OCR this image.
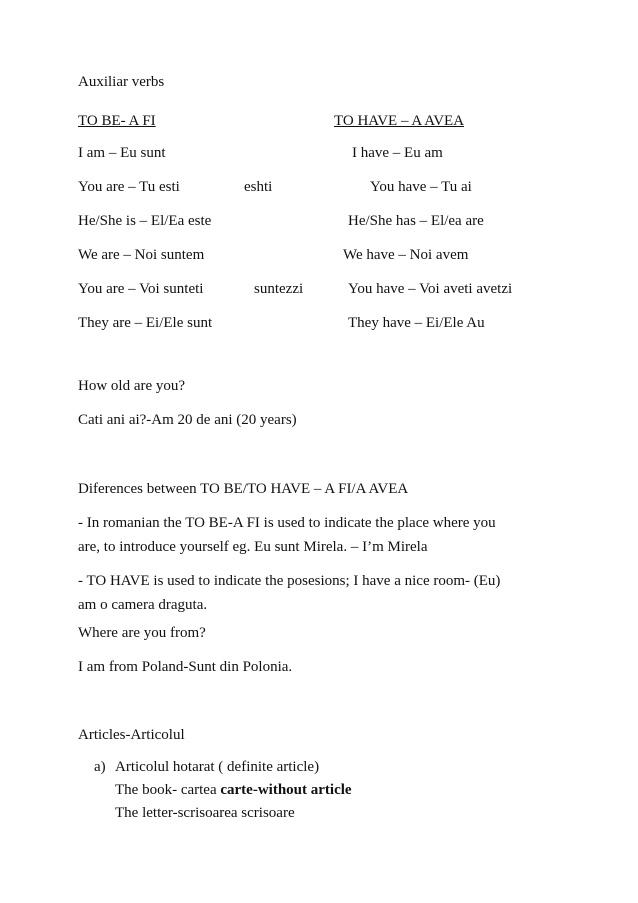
Auxiliar verbs
TO BE- A FI	TO HAVE – A AVEA
I am – Eu sunt	I have – Eu am
You are – Tu esti	eshti	You have – Tu ai
He/She is – El/Ea este	He/She has – El/ea are
We are – Noi suntem	We have – Noi avem
You are – Voi sunteti	suntezzi	You have – Voi aveti avetzi
They are – Ei/Ele sunt	They have – Ei/Ele Au
How old are you?
Cati ani ai?-Am 20 de ani (20 years)
Diferences between TO BE/TO HAVE – A FI/A AVEA
- In romanian the TO BE-A FI is used to indicate the place where you
are, to introduce yourself eg. Eu sunt Mirela. – I’m Mirela
- TO HAVE is used to indicate the posesions; I have a nice room- (Eu)
am o camera draguta.
Where are you from?
I am from Poland-Sunt din Polonia.
Articles-Articolul
a) Articolul hotarat ( definite article)
The book- cartea carte-without article
The letter-scrisoarea scrisoare
